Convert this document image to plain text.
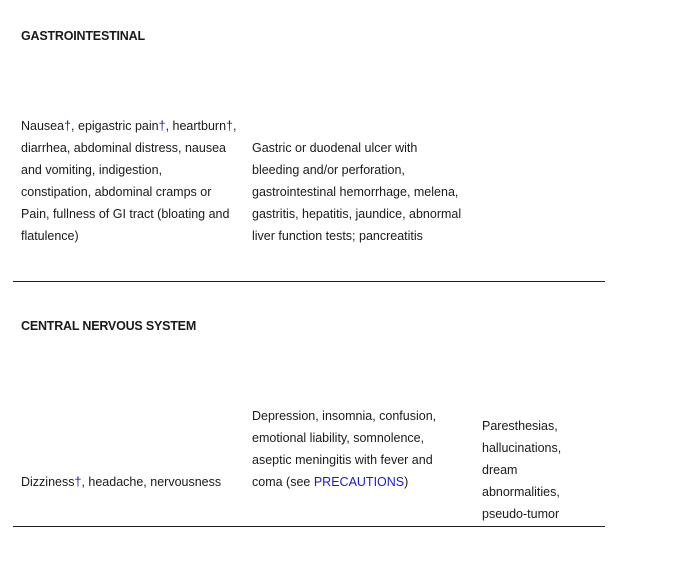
GASTROINTESTINAL
Nausea†, epigastric pain†, heartburn†,
diarrhea, abdominal distress, nausea
and vomiting, indigestion,
constipation, abdominal cramps or
Pain, fullness of GI tract (bloating and
flatulence)
Gastric or duodenal ulcer with
bleeding and/or perforation,
gastrointestinal hemorrhage, melena,
gastritis, hepatitis, jaundice, abnormal
liver function tests; pancreatitis
CENTRAL NERVOUS SYSTEM
Dizziness†, headache, nervousness
Depression, insomnia, confusion,
emotional liability, somnolence,
aseptic meningitis with fever and
coma (see PRECAUTIONS)
Paresthesias,
hallucinations,
dream
abnormalities,
pseudo-tumor
